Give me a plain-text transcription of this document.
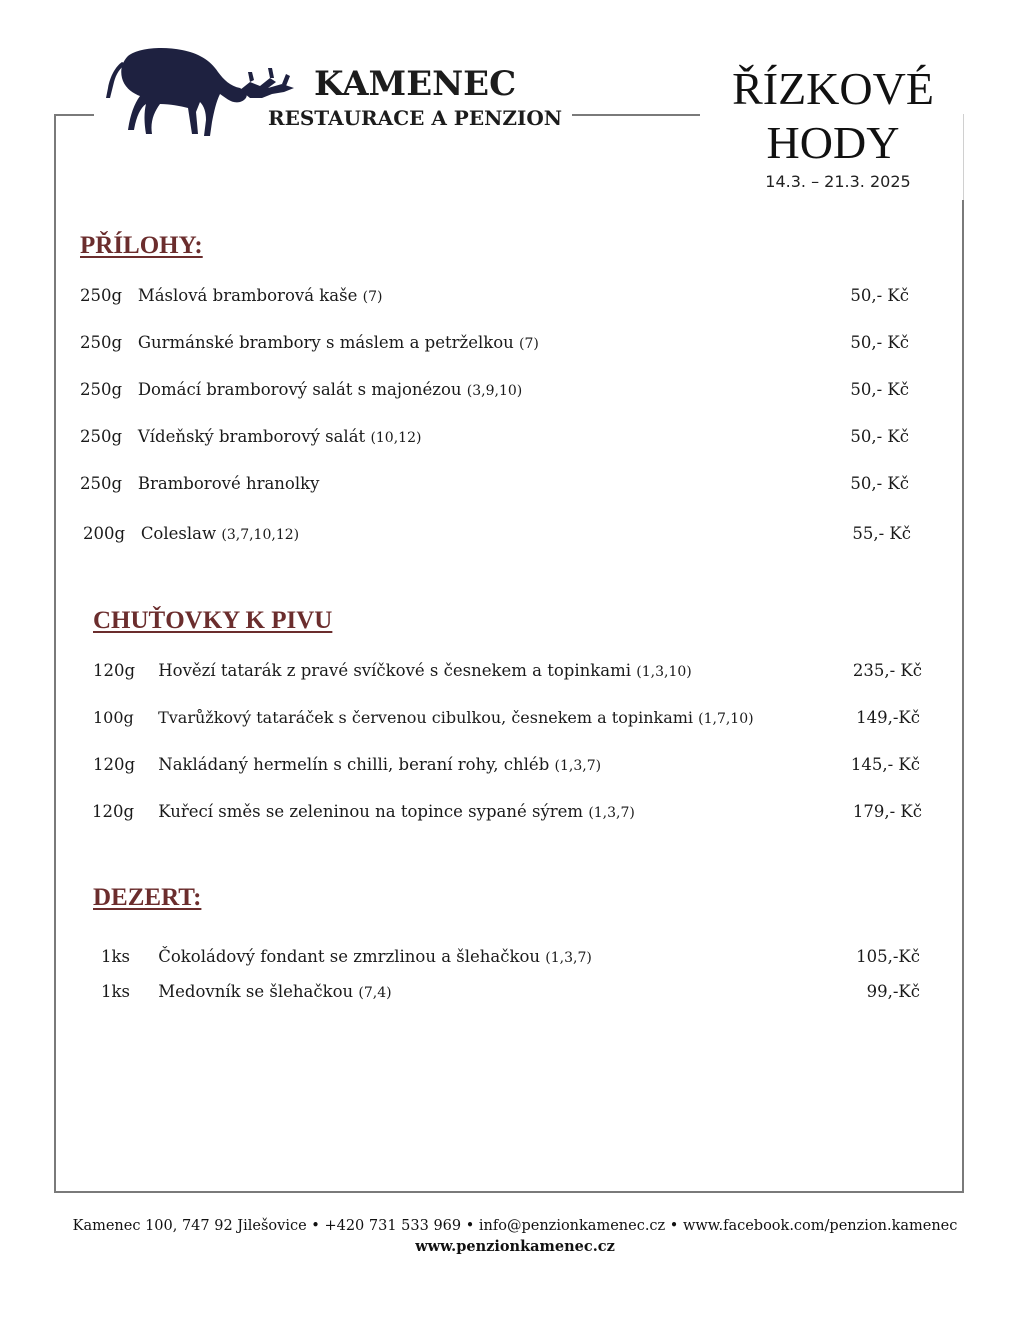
KAMENEC
RESTAURACE A PENZION
ŘÍZKOVÉ
HODY
14.3. – 21.3. 2025
PŘÍLOHY:
250g Máslová bramborová kaše (7)	50,- Kč
250g Gurmánské brambory s máslem a petrželkou (7)	50,- Kč
250g Domácí bramborový salát s majonézou (3,9,10)	50,- Kč
250g Vídeňský bramborový salát (10,12)	50,- Kč
250g Bramborové hranolky	50,- Kč
200g Coleslaw (3,7,10,12)	55,- Kč
CHUŤOVKY K PIVU
120g Hovězí tatarák z pravé svíčkové s česnekem a topinkami (1,3,10)	235,- Kč
100g Tvarůžkový tataráček s červenou cibulkou, česnekem a topinkami (1,7,10)	149,-Kč
120g Nakládaný hermelín s chilli, beraní rohy, chléb (1,3,7)	145,- Kč
120g Kuřecí směs se zeleninou na topince sypané sýrem (1,3,7)	179,- Kč
DEZERT:
1ks Čokoládový fondant se zmrzlinou a šlehačkou (1,3,7)	105,-Kč
1ks Medovník se šlehačkou (7,4)	99,-Kč
Kamenec 100, 747 92 Jilešovice • +420 731 533 969 • info@penzionkamenec.cz • www.facebook.com/penzion.kamenec
www.penzionkamenec.cz
